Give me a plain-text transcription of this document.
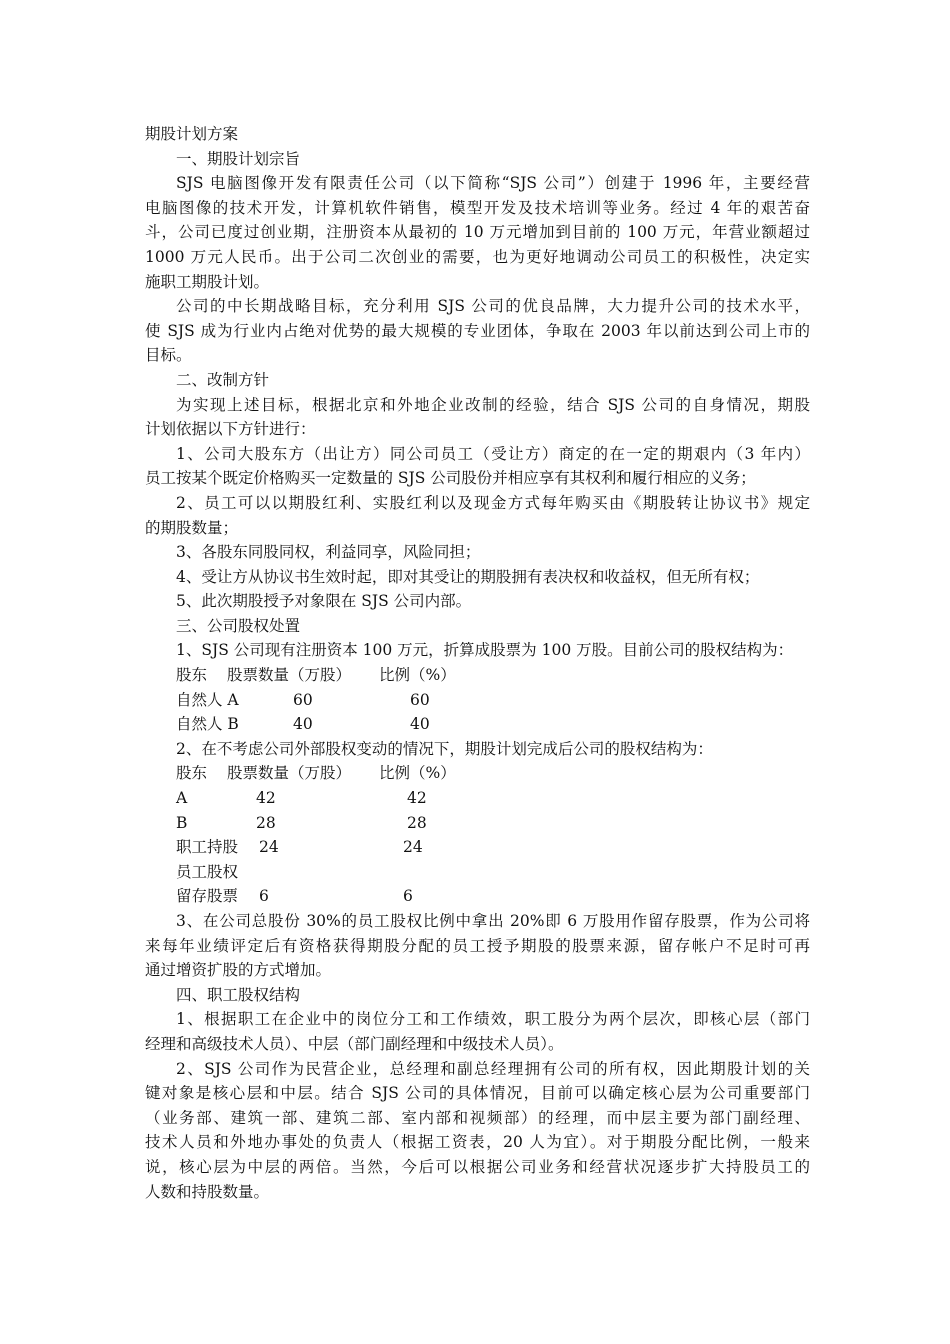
期股计划方案
一、期股计划宗旨
SJS 电脑图像开发有限责任公司（以下简称“SJS 公司”）创建于 1996 年，主要经营
电脑图像的技术开发，计算机软件销售，模型开发及技术培训等业务。经过 4 年的艰苦奋
斗，公司已度过创业期，注册资本从最初的 10 万元增加到目前的 100 万元，年营业额超过
1000 万元人民币。出于公司二次创业的需要，也为更好地调动公司员工的积极性，决定实
施职工期股计划。
公司的中长期战略目标，充分利用 SJS 公司的优良品牌，大力提升公司的技术水平，
使 SJS 成为行业内占绝对优势的最大规模的专业团体，争取在 2003 年以前达到公司上市的
目标。
二、改制方针
为实现上述目标，根据北京和外地企业改制的经验，结合 SJS 公司的自身情况，期股
计划依据以下方针进行：
1、公司大股东方（出让方）同公司员工（受让方）商定的在一定的期艰内（3 年内）
员工按某个既定价格购买一定数量的 SJS 公司股份并相应享有其权利和履行相应的义务；
2、员工可以以期股红利、实股红利以及现金方式每年购买由《期股转让协议书》规定
的期股数量；
3、各股东同股同权，利益同享，风险同担；
4、受让方从协议书生效时起，即对其受让的期股拥有表决权和收益权，但无所有权；
5、此次期股授予对象限在 SJS 公司内部。
三、公司股权处置
1、SJS 公司现有注册资本 100 万元，折算成股票为 100 万股。目前公司的股权结构为：
股东 股票数量（万股） 比例（%）
自然人 A	60	60
自然人 B	40	40
2、在不考虑公司外部股权变动的情况下，期股计划完成后公司的股权结构为：
股东 股票数量（万股） 比例（%）
A	42	42
B	28	28
职工持股 24	24
员工股权
留存股票 6	6
3、在公司总股份 30%的员工股权比例中拿出 20%即 6 万股用作留存股票，作为公司将
来每年业绩评定后有资格获得期股分配的员工授予期股的股票来源，留存帐户不足时可再
通过增资扩股的方式增加。
四、职工股权结构
1、根据职工在企业中的岗位分工和工作绩效，职工股分为两个层次，即核心层（部门
经理和高级技术人员）、中层（部门副经理和中级技术人员）。
2、SJS 公司作为民营企业，总经理和副总经理拥有公司的所有权，因此期股计划的关
键对象是核心层和中层。结合 SJS 公司的具体情况，目前可以确定核心层为公司重要部门
（业务部、建筑一部、建筑二部、室内部和视频部）的经理，而中层主要为部门副经理、
技术人员和外地办事处的负责人（根据工资表，20 人为宜）。对于期股分配比例，一般来
说，核心层为中层的两倍。当然，今后可以根据公司业务和经营状况逐步扩大持股员工的
人数和持股数量。
